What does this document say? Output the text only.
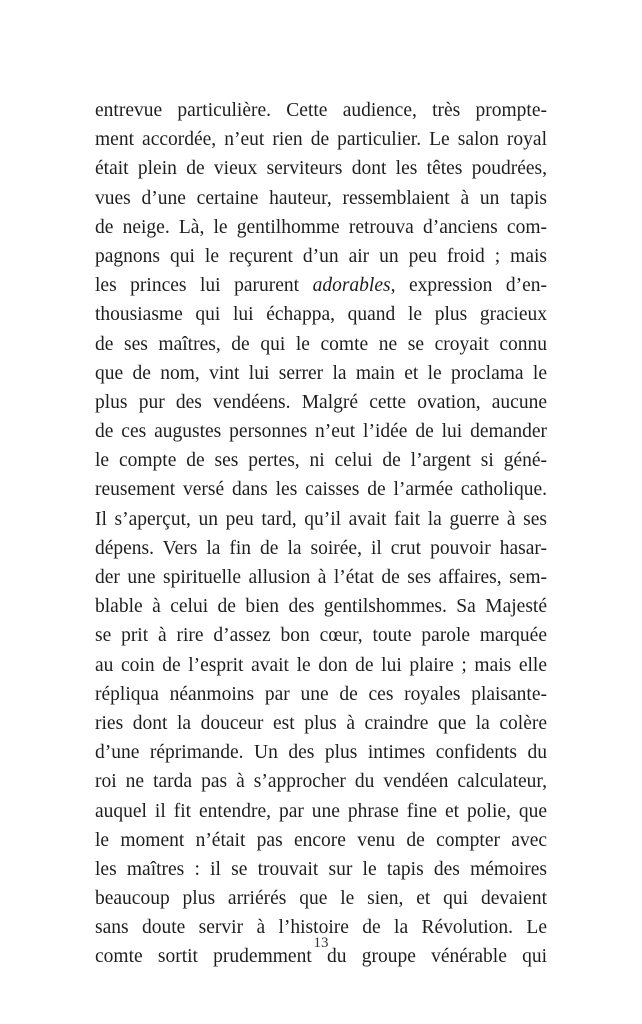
entrevue particulière. Cette audience, très prompte-
ment accordée, n’eut rien de particulier. Le salon royal
était plein de vieux serviteurs dont les têtes poudrées,
vues d’une certaine hauteur, ressemblaient à un tapis
de neige. Là, le gentilhomme retrouva d’anciens com-
pagnons qui le reçurent d’un air un peu froid ; mais
les princes lui parurent adorables, expression d’en-
thousiasme qui lui échappa, quand le plus gracieux
de ses maîtres, de qui le comte ne se croyait connu
que de nom, vint lui serrer la main et le proclama le
plus pur des vendéens. Malgré cette ovation, aucune
de ces augustes personnes n’eut l’idée de lui demander
le compte de ses pertes, ni celui de l’argent si géné-
reusement versé dans les caisses de l’armée catholique.
Il s’aperçut, un peu tard, qu’il avait fait la guerre à ses
dépens. Vers la fin de la soirée, il crut pouvoir hasar-
der une spirituelle allusion à l’état de ses affaires, sem-
blable à celui de bien des gentilshommes. Sa Majesté
se prit à rire d’assez bon cœur, toute parole marquée
au coin de l’esprit avait le don de lui plaire ; mais elle
répliqua néanmoins par une de ces royales plaisante-
ries dont la douceur est plus à craindre que la colère
d’une réprimande. Un des plus intimes confidents du
roi ne tarda pas à s’approcher du vendéen calculateur,
auquel il fit entendre, par une phrase fine et polie, que
le moment n’était pas encore venu de compter avec
les maîtres : il se trouvait sur le tapis des mémoires
beaucoup plus arriérés que le sien, et qui devaient
sans doute servir à l’histoire de la Révolution. Le
comte sortit prudemment du groupe vénérable qui
13
